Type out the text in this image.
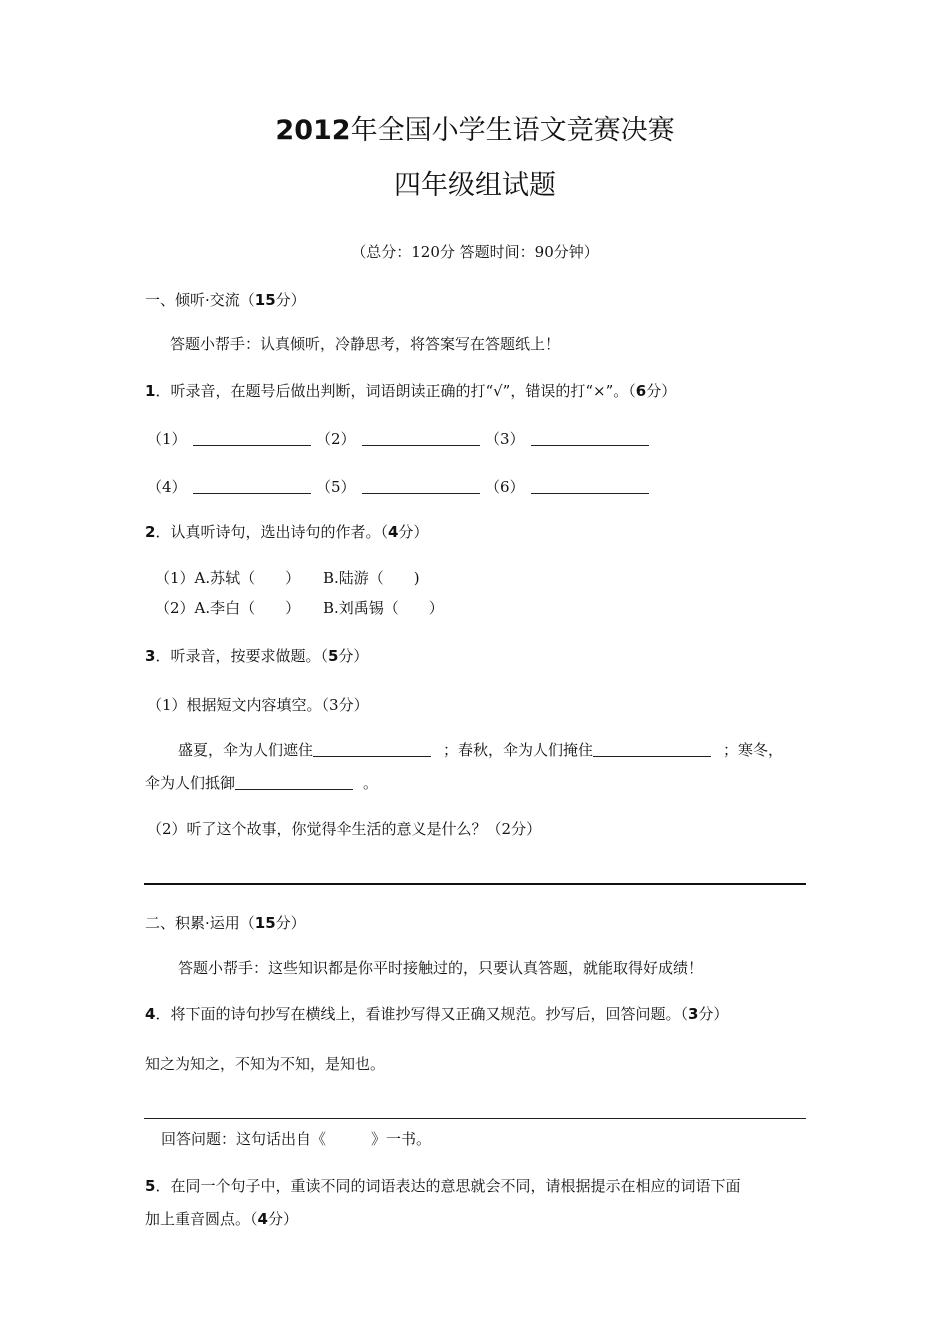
2012年全国小学生语文竞赛决赛
四年级组试题
（总分：120分 答题时间：90分钟）
一、倾听·交流（15分）
答题小帮手：认真倾听，冷静思考，将答案写在答题纸上！
1．听录音，在题号后做出判断，词语朗读正确的打“√”，错误的打“×”。（6分）
（1）	（2）	（3）
（4）	（5）	（6）
2．认真听诗句，选出诗句的作者。（4分）
（1）A.苏轼（　　） B.陆游（　　)
（2）A.李白（　　） B.刘禹锡（　　）
3．听录音，按要求做题。（5分）
（1）根据短文内容填空。（3分）
盛夏，伞为人们遮住	；春秋，伞为人们掩住	；寒冬，
伞为人们抵御	。
（2）听了这个故事，你觉得伞生活的意义是什么？（2分）
二、积累·运用（15分）
答题小帮手：这些知识都是你平时接触过的，只要认真答题，就能取得好成绩！
4．将下面的诗句抄写在横线上，看谁抄写得又正确又规范。抄写后，回答问题。（3分）
知之为知之，不知为不知，是知也。
回答问题：这句话出自《　　　》一书。
5．在同一个句子中，重读不同的词语表达的意思就会不同，请根据提示在相应的词语下面
加上重音圆点。（4分）
